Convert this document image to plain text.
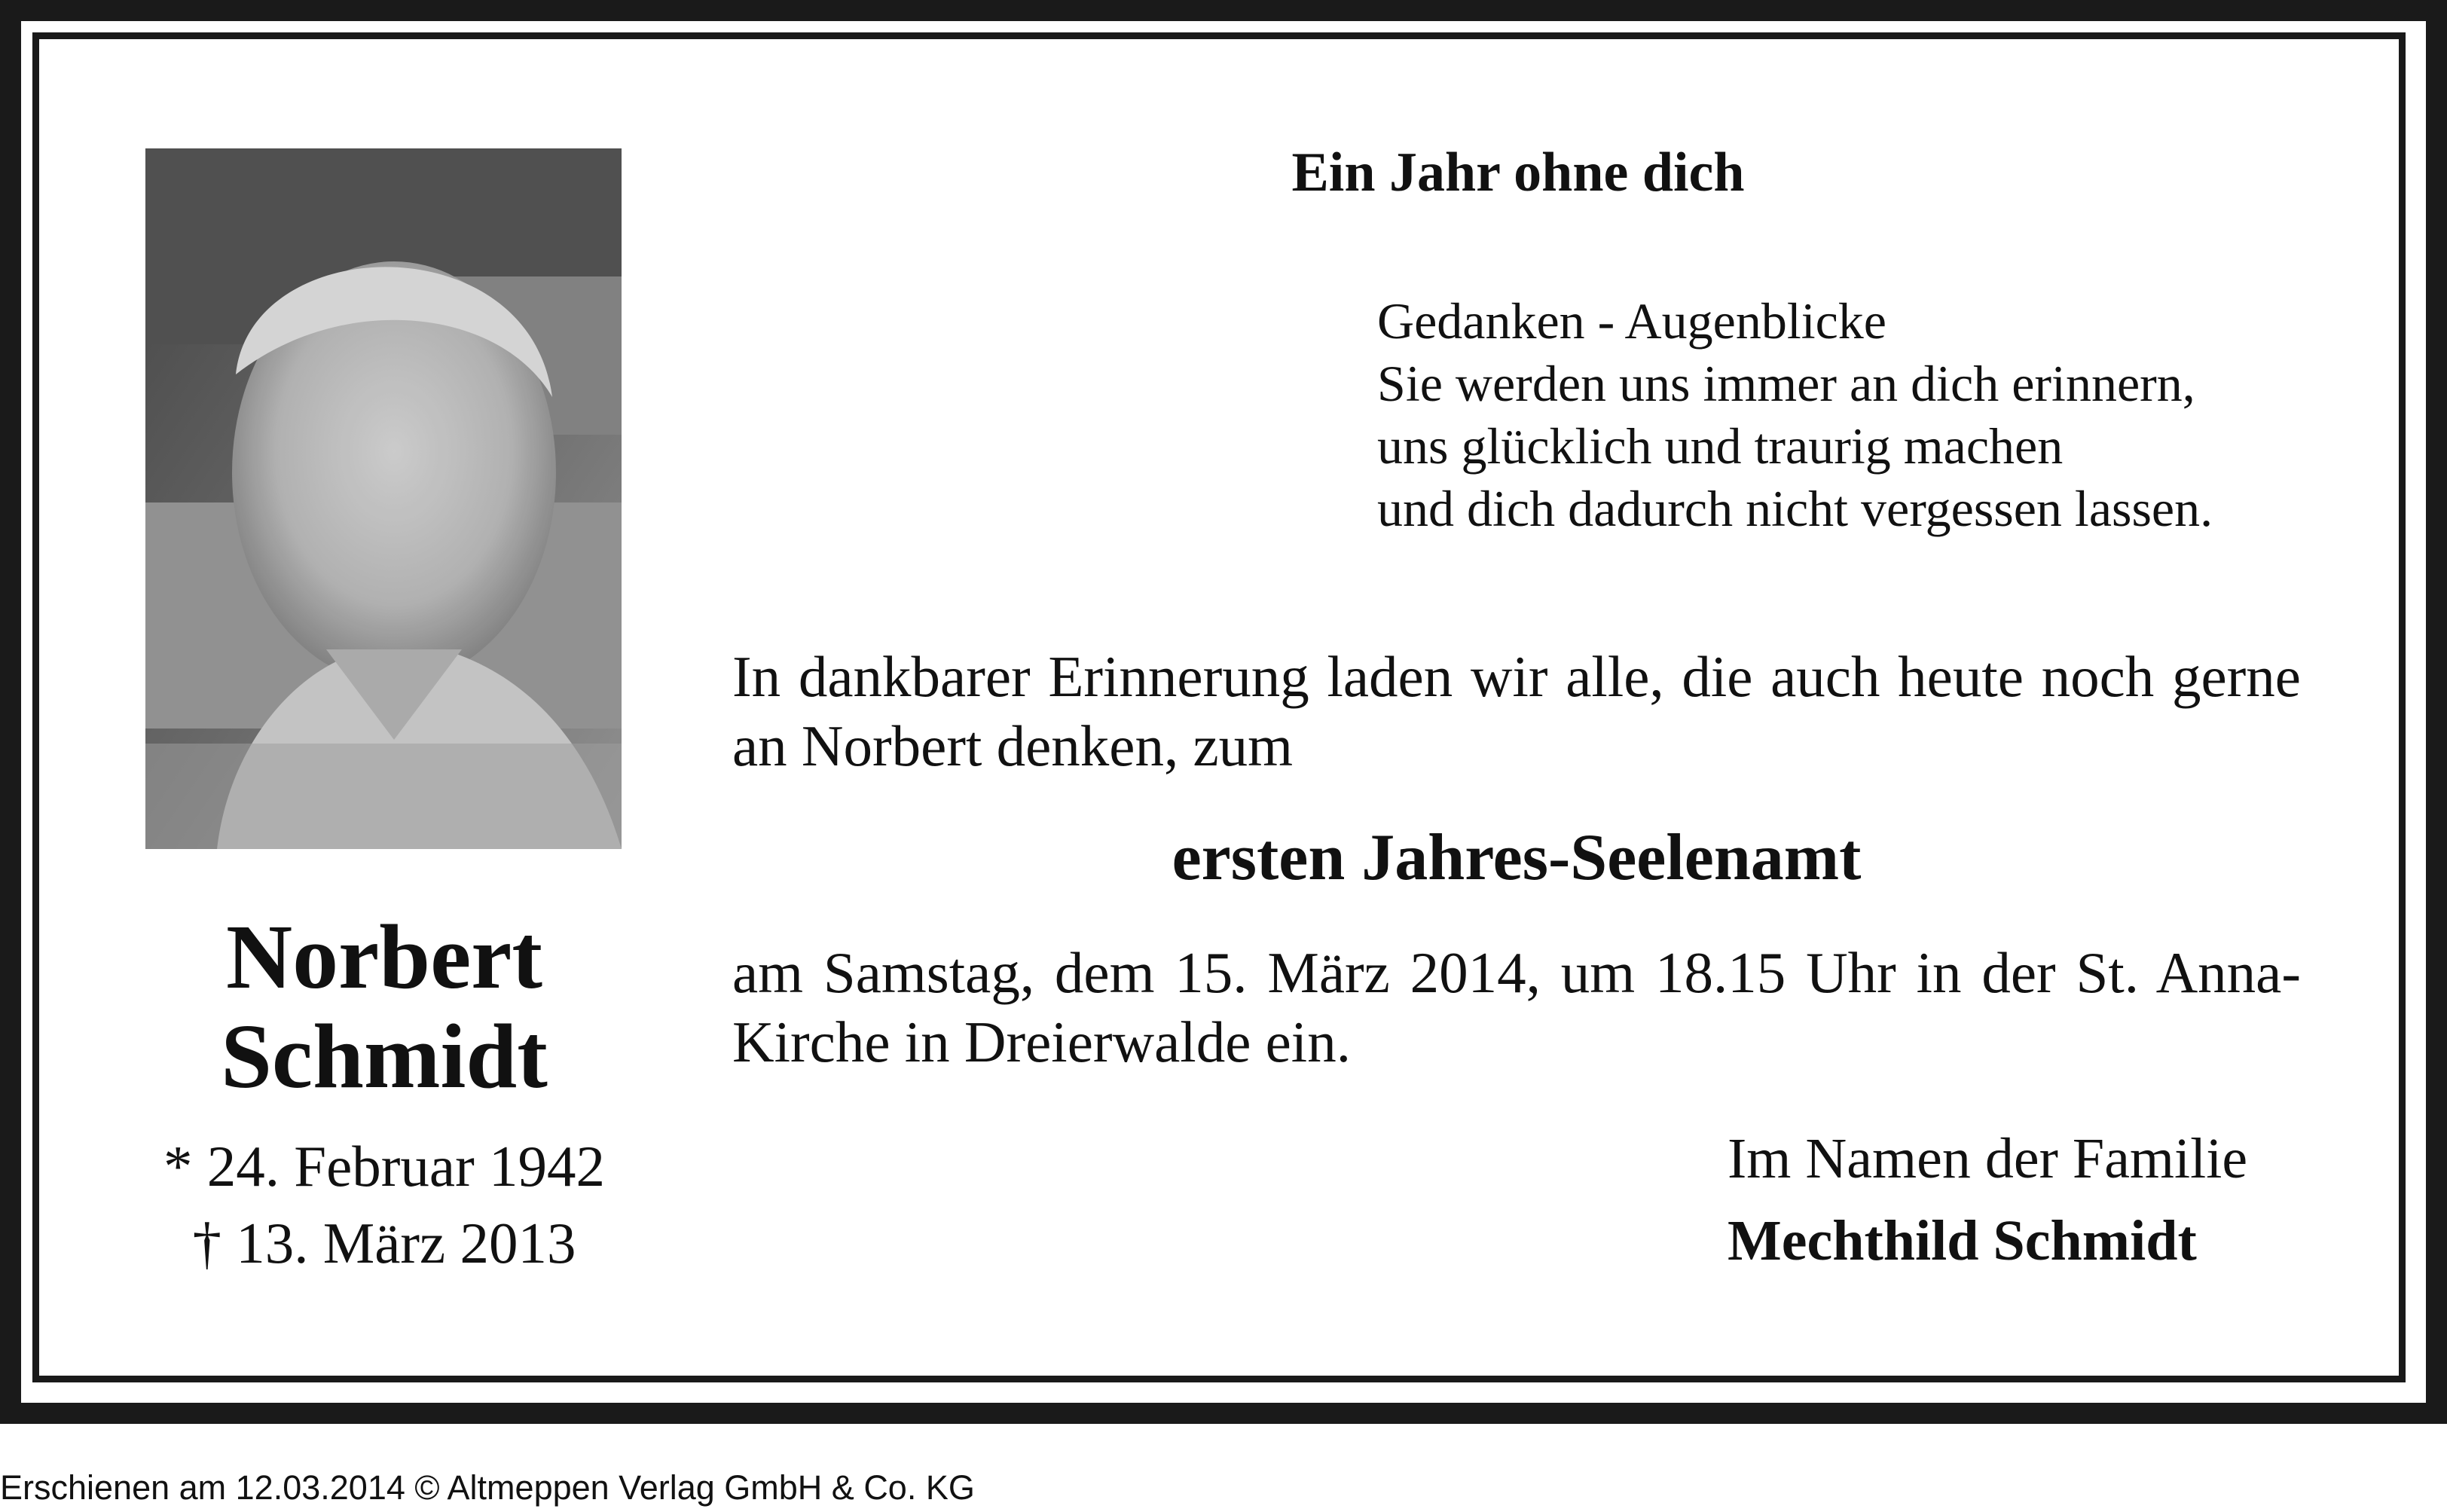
Norbert
Schmidt
* 24. Februar 1942
† 13. März 2013
Ein Jahr ohne dich
Gedanken - Augenblicke
Sie werden uns immer an dich erinnern,
uns glücklich und traurig machen
und dich dadurch nicht vergessen lassen.
In dankbarer Erinnerung laden wir alle, die auch heute noch gerne an Norbert denken, zum
ersten Jahres-Seelenamt
am Samstag, dem 15. März 2014, um 18.15 Uhr in der St. Anna-Kirche in Dreierwalde ein.
Im Namen der Familie
Mechthild Schmidt
Erschienen am 12.03.2014 © Altmeppen Verlag GmbH & Co. KG
